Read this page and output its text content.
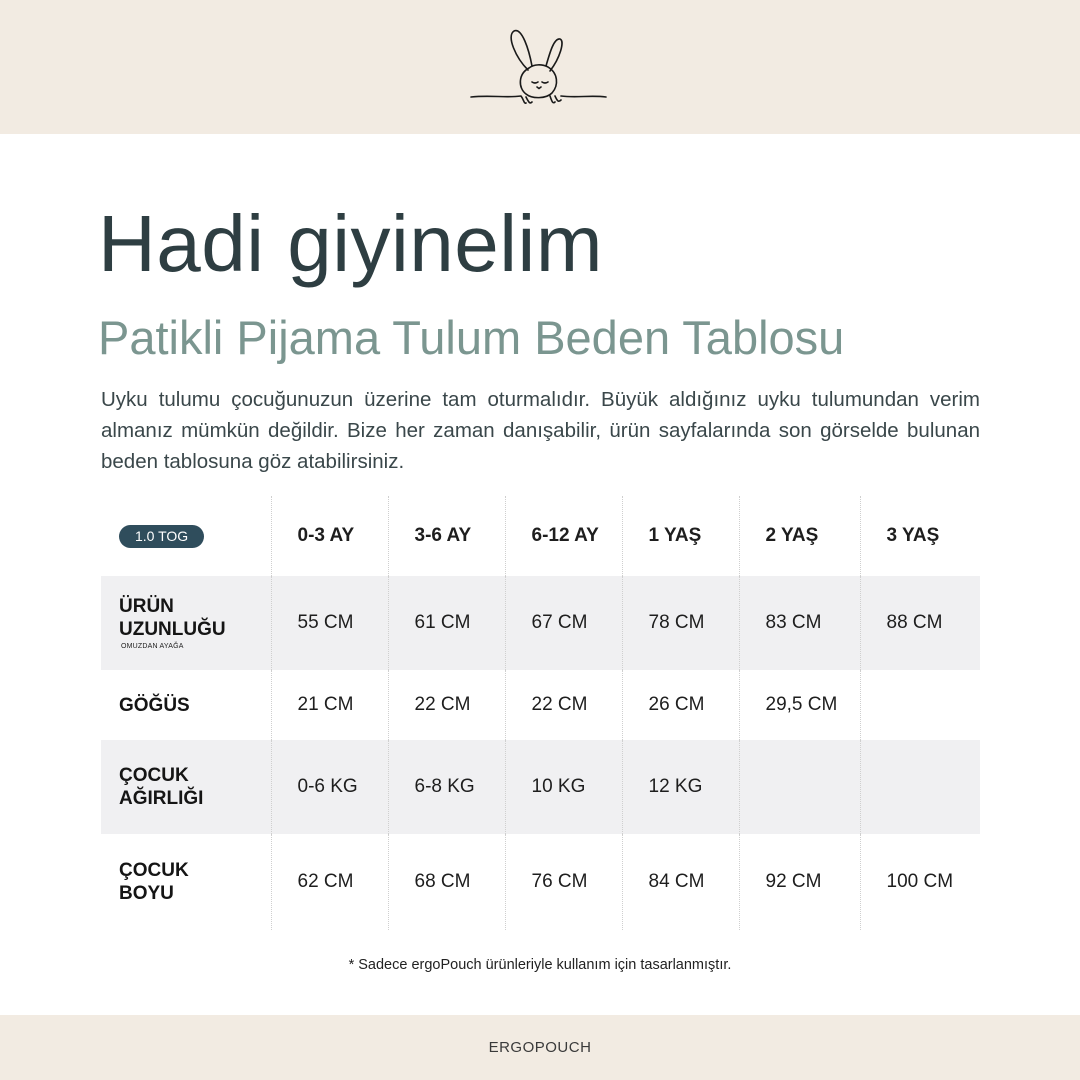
Hadi giyinelim
Patikli Pijama Tulum Beden Tablosu

Uyku tulumu çocuğunuzun üzerine tam oturmalıdır. Büyük aldığınız uyku tulumundan verim almanız mümkün değildir. Bize her zaman danışabilir, ürün sayfalarında son görselde bulunan beden tablosuna göz atabilirsiniz.

1.0 TOG	0-3 AY	3-6 AY	6-12 AY	1 YAŞ	2 YAŞ	3 YAŞ

ÜRÜN UZUNLUĞU
OMUZDAN AYAĞA	55 CM	61 CM	67 CM	78 CM	83 CM	88 CM
GÖĞÜS	21 CM	22 CM	22 CM	26 CM	29,5 CM	

ÇOCUK AĞIRLIĞI	0-6 KG	6-8 KG	10 KG	12 KG		

ÇOCUK BOYU	62 CM	68 CM	76 CM	84 CM	92 CM	100 CM

* Sadece ergoPouch ürünleriyle kullanım için tasarlanmıştır.

ERGOPOUCH
